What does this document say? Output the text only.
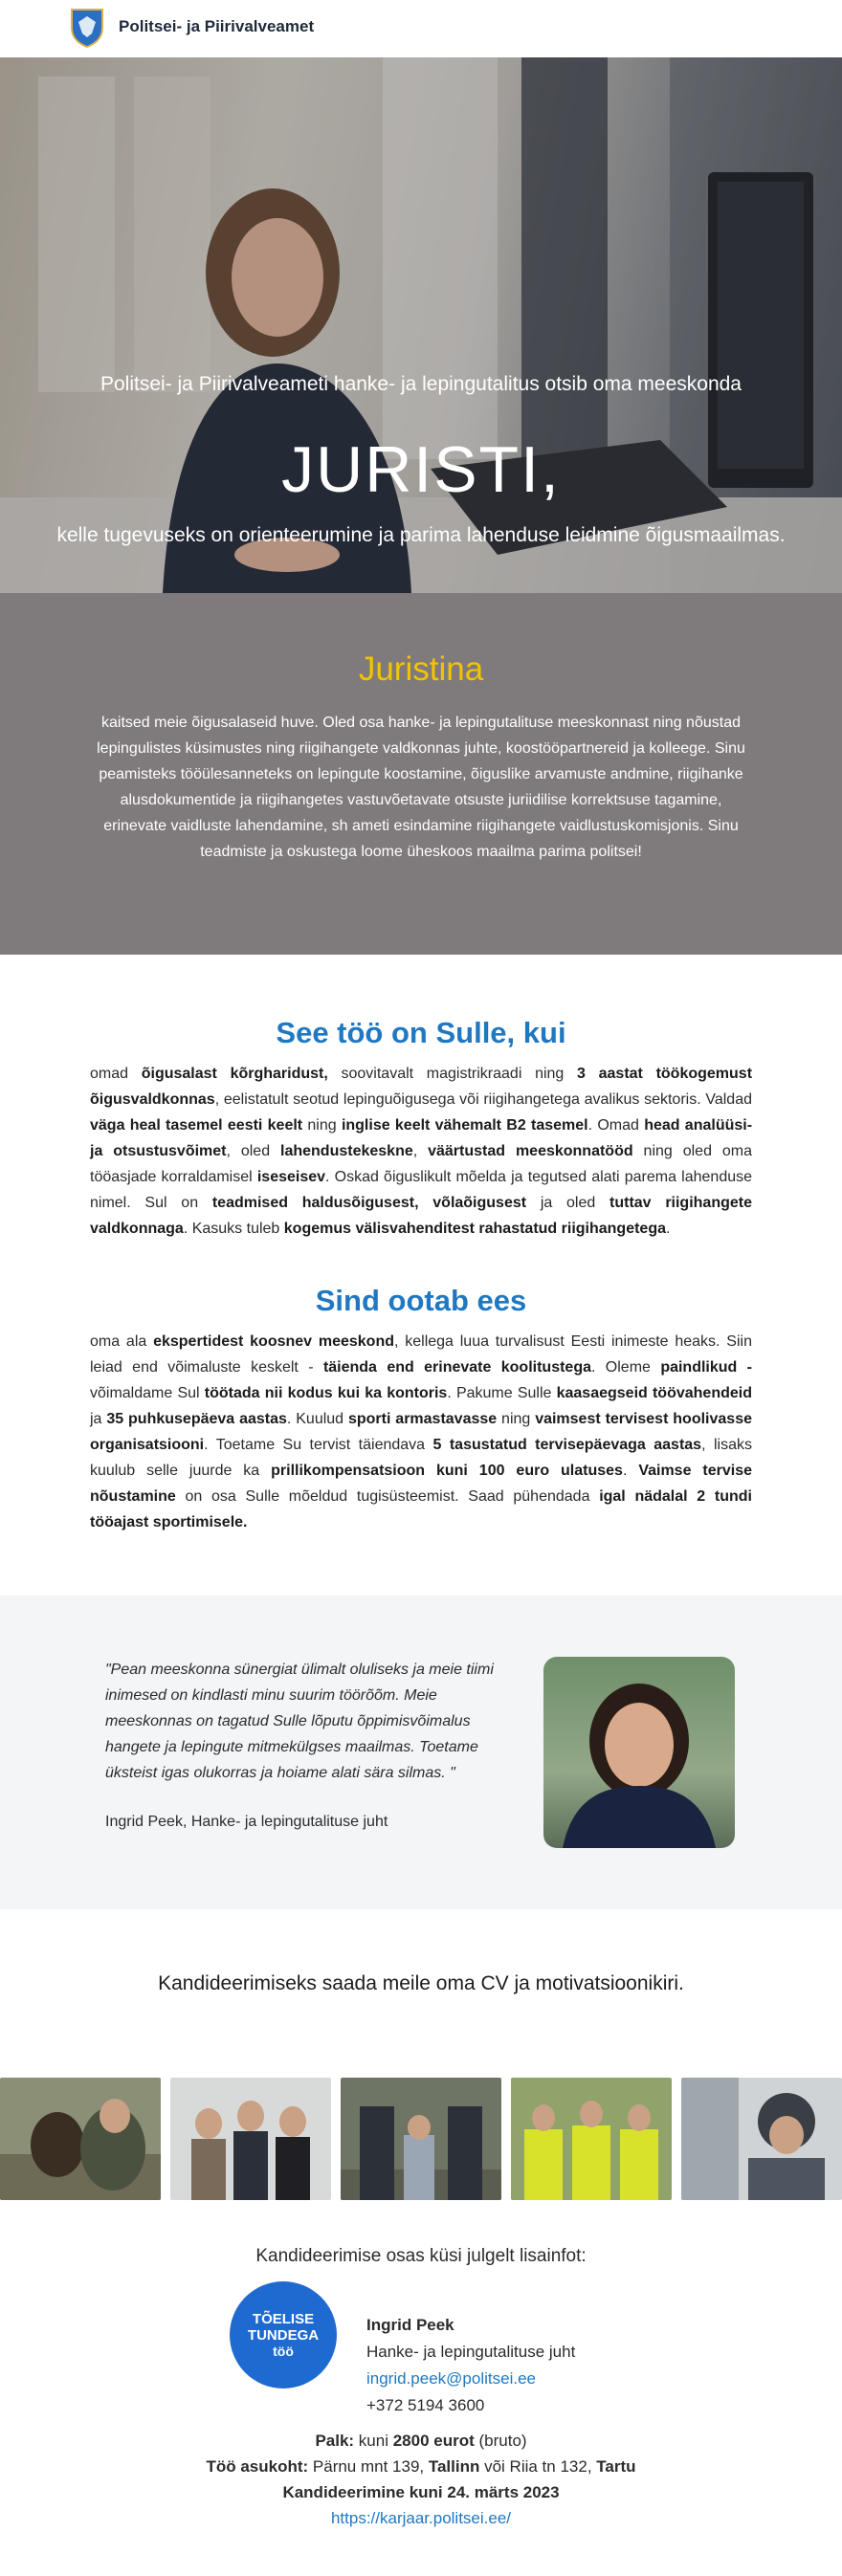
Politsei- ja Piirivalveamet
Politsei- ja Piirivalveameti hanke- ja lepingutalitus otsib oma meeskonda
JURISTI,
kelle tugevuseks on orienteerumine ja parima lahenduse leidmine õigusmaailmas.
Juristina

kaitsed meie õigusalaseid huve. Oled osa hanke- ja lepingutalituse meeskonnast ning nõustad lepingulistes küsimustes ning riigihangete valdkonnas juhte, koostööpartnereid ja kolleege. Sinu peamisteks tööülesanneteks on lepingute koostamine, õiguslike arvamuste andmine, riigihanke alusdokumentide ja riigihangetes vastuvõetavate otsuste juriidilise korrektsuse tagamine, erinevate vaidluste lahendamine, sh ameti esindamine riigihangete vaidlustuskomisjonis. Sinu teadmiste ja oskustega loome üheskoos maailma parima politsei!

See töö on Sulle, kui

omad õigusalast kõrgharidust, soovitavalt magistrikraadi ning 3 aastat töökogemust õigusvaldkonnas, eelistatult seotud lepinguõigusega või riigihangetega avalikus sektoris. Valdad väga heal tasemel eesti keelt ning inglise keelt vähemalt B2 tasemel. Omad head analüüsi- ja otsustusvõimet, oled lahendustekeskne, väärtustad meeskonnatööd ning oled oma tööasjade korraldamisel iseseisev. Oskad õiguslikult mõelda ja tegutsed alati parema lahenduse nimel. Sul on teadmised haldusõigusest, võlaõigusest ja oled tuttav riigihangete valdkonnaga. Kasuks tuleb kogemus välisvahenditest rahastatud riigihangetega.

Sind ootab ees

oma ala ekspertidest koosnev meeskond, kellega luua turvalisust Eesti inimeste heaks. Siin leiad end võimaluste keskelt - täienda end erinevate koolitustega. Oleme paindlikud - võimaldame Sul töötada nii kodus kui ka kontoris. Pakume Sulle kaasaegseid töövahendeid ja 35 puhkusepäeva aastas. Kuulud sporti armastavasse ning vaimsest tervisest hoolivasse organisatsiooni. Toetame Su tervist täiendava 5 tasustatud tervisepäevaga aastas, lisaks kuulub selle juurde ka prillikompensatsioon kuni 100 euro ulatuses. Vaimse tervise nõustamine on osa Sulle mõeldud tugisüsteemist. Saad pühendada igal nädalal 2 tundi tööajast sportimisele.

"Pean meeskonna sünergiat ülimalt oluliseks ja meie tiimi inimesed on kindlasti minu suurim töörõõm. Meie meeskonnas on tagatud Sulle lõputu õppimisvõimalus hangete ja lepingute mitmekülgses maailmas. Toetame üksteist igas olukorras ja hoiame alati sära silmas. "

Ingrid Peek, Hanke- ja lepingutalituse juht
Kandideerimiseks saada meile oma CV ja motivatsioonikiri.
Kandideerimise osas küsi julgelt lisainfot:
TÕELISE
TUNDEGA
töö
Ingrid Peek
Hanke- ja lepingutalituse juht
ingrid.peek@politsei.ee
+372 5194 3600
Palk: kuni 2800 eurot (bruto)
Töö asukoht: Pärnu mnt 139, Tallinn või Riia tn 132, Tartu
Kandideerimine kuni 24. märts 2023
https://karjaar.politsei.ee/
